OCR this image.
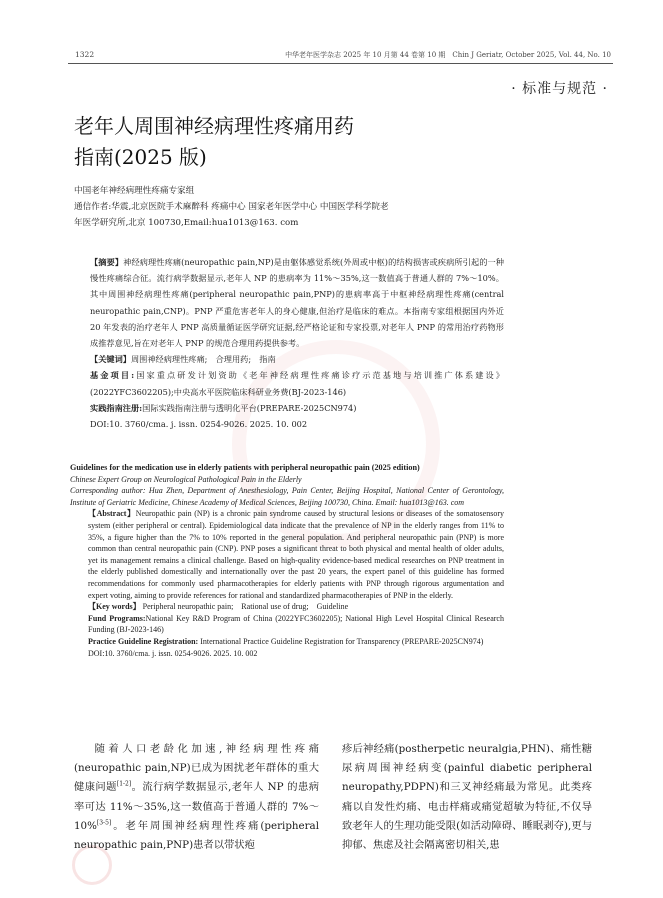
1322	中华老年医学杂志 2025 年 10 月第 44 卷第 10 期　Chin J Geriatr, October 2025, Vol. 44, No. 10
· 标准与规范 ·
老年人周围神经病理性疼痛用药
指南(2025 版)
中国老年神经病理性疼痛专家组
通信作者:华震,北京医院手术麻醉科 疼痛中心 国家老年医学中心 中国医学科学院老
年医学研究所,北京 100730,Email:hua1013@163. com

【摘要】神经病理性疼痛(neuropathic pain,NP)是由躯体感觉系统(外周或中枢)的结构损害或疾病所引起的一种慢性疼痛综合征。流行病学数据显示,老年人 NP 的患病率为 11%～35%,这一数值高于普通人群的 7%～10%。其中周围神经病理性疼痛(peripheral neuropathic pain,PNP)的患病率高于中枢神经病理性疼痛(central neuropathic pain,CNP)。PNP 严重危害老年人的身心健康,但治疗是临床的难点。本指南专家组根据国内外近 20 年发表的治疗老年人 PNP 高质量循证医学研究证据,经严格论证和专家投票,对老年人 PNP 的常用治疗药物形成推荐意见,旨在对老年人 PNP 的规范合理用药提供参考。

【关键词】周围神经病理性疼痛;　合理用药;　指南

基金项目:国家重点研发计划资助《老年神经病理性疼痛诊疗示范基地与培训推广体系建设》(2022YFC3602205);中央高水平医院临床科研业务费(BJ-2023-146)

实践指南注册:国际实践指南注册与透明化平台(PREPARE-2025CN974)

DOI:10. 3760/cma. j. issn. 0254-9026. 2025. 10. 002

Guidelines for the medication use in elderly patients with peripheral neuropathic pain (2025 edition)

Chinese Expert Group on Neurological Pathological Pain in the Elderly

Corresponding author: Hua Zhen, Department of Anesthesiology, Pain Center, Beijing Hospital, National Center of Gerontology, Institute of Geriatric Medicine, Chinese Academy of Medical Sciences, Beijing 100730, China. Email: hua1013@163. com

【Abstract】Neuropathic pain (NP) is a chronic pain syndrome caused by structural lesions or diseases of the somatosensory system (either peripheral or central). Epidemiological data indicate that the prevalence of NP in the elderly ranges from 11% to 35%, a figure higher than the 7% to 10% reported in the general population. And peripheral neuropathic pain (PNP) is more common than central neuropathic pain (CNP). PNP poses a significant threat to both physical and mental health of older adults, yet its management remains a clinical challenge. Based on high-quality evidence-based medical researches on PNP treatment in the elderly published domestically and internationally over the past 20 years, the expert panel of this guideline has formed recommendations for commonly used pharmacotherapies for elderly patients with PNP through rigorous argumentation and expert voting, aiming to provide references for rational and standardized pharmacotherapies of PNP in the elderly.

【Key words】 Peripheral neuropathic pain;　Rational use of drug;　Guideline

Fund Programs:National Key R&D Program of China (2022YFC3602205); National High Level Hospital Clinical Research Funding (BJ-2023-146)

Practice Guideline Registration: International Practice Guideline Registration for Transparency (PREPARE-2025CN974)

DOI:10. 3760/cma. j. issn. 0254-9026. 2025. 10. 002

随着人口老龄化加速,神经病理性疼痛(neuropathic pain,NP)已成为困扰老年群体的重大健康问题[1-2]。流行病学数据显示,老年人 NP 的患病率可达 11%～35%,这一数值高于普通人群的 7%～10%[3-5]。老年周围神经病理性疼痛(peripheral neuropathic pain,PNP)患者以带状疱

疹后神经痛(postherpetic neuralgia,PHN)、痛性糖尿病周围神经病变(painful diabetic peripheral neuropathy,PDPN)和三叉神经痛最为常见。此类疼痛以自发性灼痛、电击样痛或痛觉超敏为特征,不仅导致老年人的生理功能受限(如活动障碍、睡眠剥夺),更与抑郁、焦虑及社会隔离密切相关,患
